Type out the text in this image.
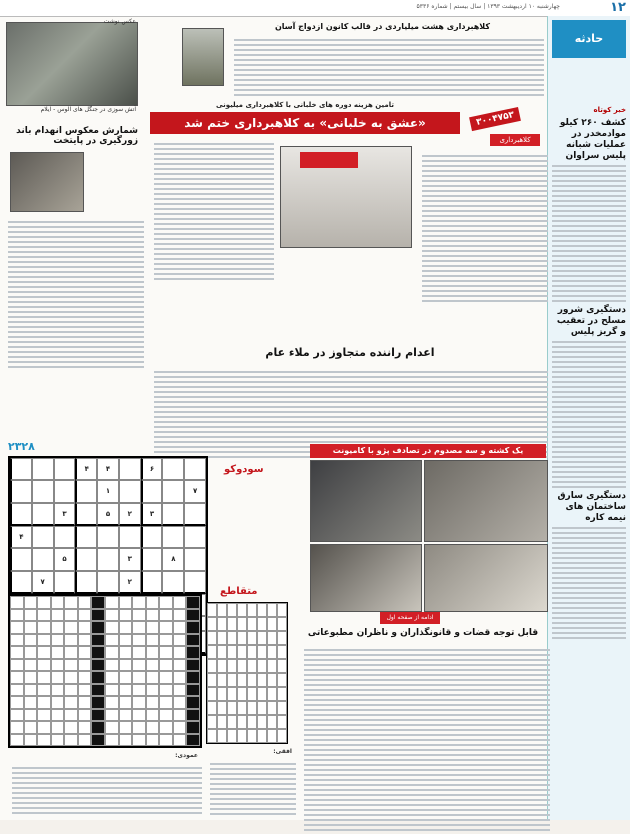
۱۲
چهارشنبه ۱۰ اردیبهشت ۱۳۹۳ | سال بیستم | شماره ۵۳۳۶
حادثه
خبر کوتاه
کشف ۲۶۰ کیلو موادمخدر در عملیات شبانه پلیس سراوان
دستگیری شرور مسلح در تعقیب و گریز پلیس
دستگیری سارق ساختمان های نیمه کاره
عکس نوشت
آتش سوزی در جنگل های الوس - ایلام
شمارش معکوس انهدام باند زورگیری در پایتخت
کلاهبرداری هشت میلیاردی در قالب کانون ازدواج آسان
تامین هزینه دوره های خلبانی با کلاهبرداری میلیونی
«عشق به خلبانی» به کلاهبرداری ختم شد	۳۰۰۴۷۵۳
کلاهبرداری
اعدام راننده متجاوز در ملاء عام
یک کشته و سه مصدوم در تصادف پژو با کامیونت
ادامه از صفحه اول
قابل توجه قضات و قانونگذاران و ناظران مطبوعاتی
۲۳۲۸
سودوکو
۶
۴
۴
۷
۱
۳
۲
۵
۳
۴
۸
۳
۵
۲
۷
متقاطع
افقی:
عمودی:
